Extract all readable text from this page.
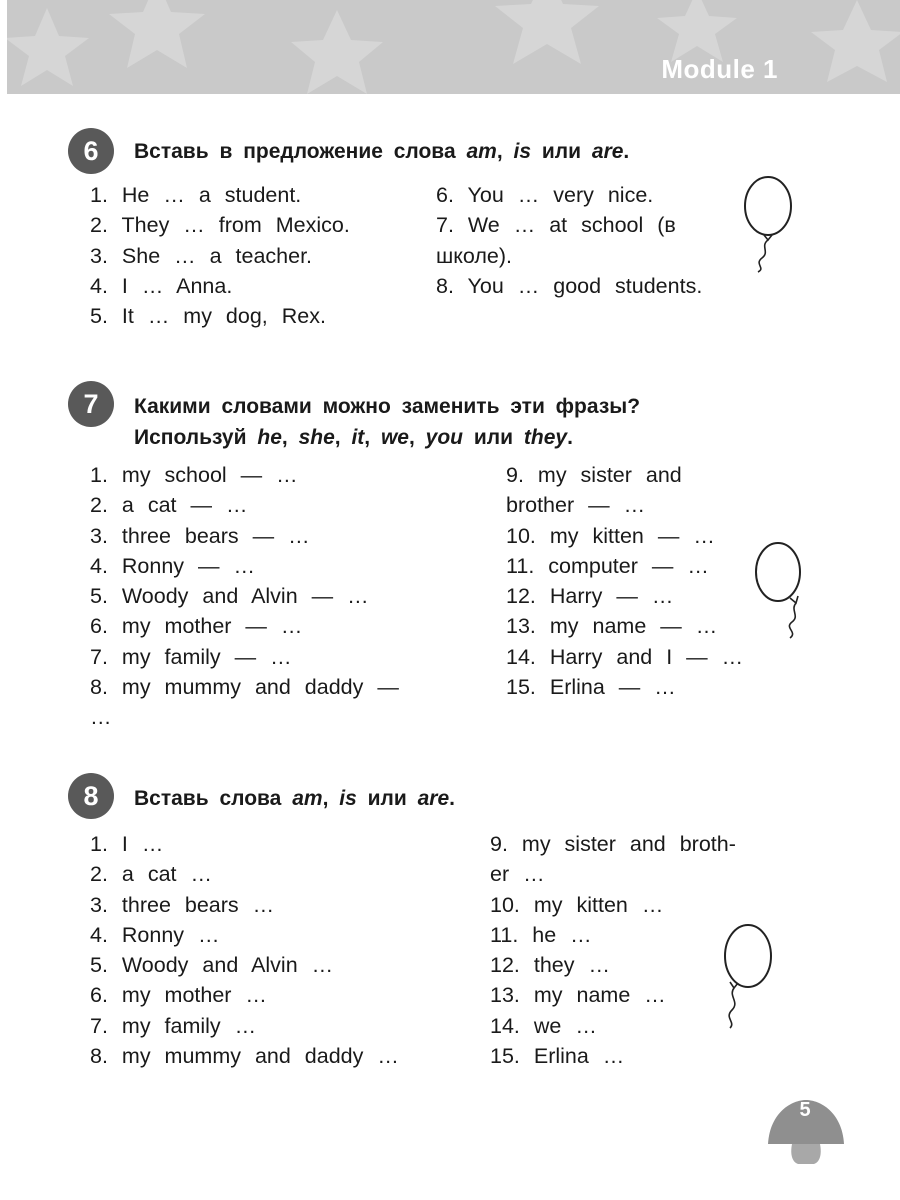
Module 1
6	Вставь в предложение слова am, is или are.
1. He … a student.
2. They … from Mexico.
3. She … a teacher.
4. I … Anna.
5. It … my dog, Rex.
6. You … very nice.
7. We … at school (в
школе).
8. You … good students.
7	Какими словами можно заменить эти фразы?
Используй he, she, it, we, you или they.
1. my school — …
2. a cat — …
3. three bears — …
4. Ronny — …
5. Woody and Alvin — …
6. my mother — …
7. my family — …
8. my mummy and daddy —
…
9. my sister and
brother — …
10. my kitten — …
11. computer — …
12. Harry — …
13. my name — …
14. Harry and I — …
15. Erlina — …
8	Вставь слова am, is или are.
1. I …
2. a cat …
3. three bears …
4. Ronny …
5. Woody and Alvin …
6. my mother …
7. my family …
8. my mummy and daddy …
9. my sister and broth-
er …
10. my kitten …
11. he …
12. they …
13. my name …
14. we …
15. Erlina …
5
